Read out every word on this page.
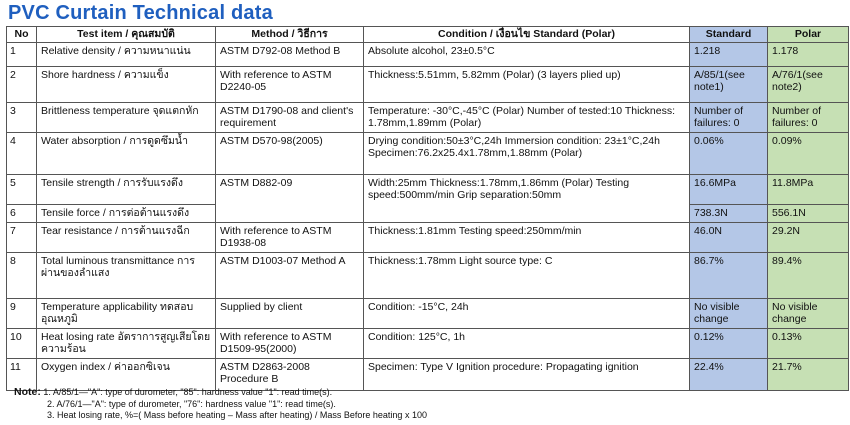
PVC Curtain Technical data
No	Test item / คุณสมบัติ	Method / วิธีการ	Condition / เงื่อนไข Standard (Polar)	Standard	Polar
1	Relative density / ความหนาแน่น	ASTM D792-08 Method B	Absolute alcohol, 23±0.5°C	1.218	1.178
2	Shore hardness / ความแข็ง	With reference to ASTM D2240-05	Thickness:5.51mm, 5.82mm (Polar) (3 layers plied up)	A/85/1(see note1)	A/76/1(see note2)
3	Brittleness temperature จุดแตกหัก	ASTM D1790-08 and client's requirement	Temperature: -30°C,-45°C (Polar) Number of tested:10 Thickness: 1.78mm,1.89mm (Polar)	Number of failures: 0	Number of failures: 0
4	Water absorption / การดูดซึมน้ำ	ASTM D570-98(2005)	Drying condition:50±3°C,24h Immersion condition: 23±1°C,24h Specimen:76.2x25.4x1.78mm,1.88mm (Polar)	0.06%	0.09%
5	Tensile strength / การรับแรงดึง	ASTM D882-09	Width:25mm Thickness:1.78mm,1.86mm (Polar) Testing speed:500mm/min Grip separation:50mm	16.6MPa	11.8MPa
6	Tensile force / การต่อต้านแรงดึง			738.3N	556.1N
7	Tear resistance / การต้านแรงฉีก	With reference to ASTM D1938-08	Thickness:1.81mm Testing speed:250mm/min	46.0N	29.2N
8	Total luminous transmittance การผ่านของลำแสง	ASTM D1003-07 Method A	Thickness:1.78mm Light source type: C	86.7%	89.4%
9	Temperature applicability ทดสอบอุณหภูมิ	Supplied by client	Condition: -15°C, 24h	No visible change	No visible change
10	Heat losing rate อัตราการสูญเสียโดยความร้อน	With reference to ASTM D1509-95(2000)	Condition: 125°C, 1h	0.12%	0.13%
11	Oxygen index / ค่าออกซิเจน	ASTM D2863-2008 Procedure B	Specimen: Type V Ignition procedure: Propagating ignition	22.4%	21.7%
Note: 1. A/85/1—"A": type of durometer, "85": hardness value "1": read time(s).
2. A/76/1—"A": type of durometer, "76": hardness value "1": read time(s).
3. Heat losing rate, %=( Mass before heating – Mass after heating) / Mass Before heating x 100
